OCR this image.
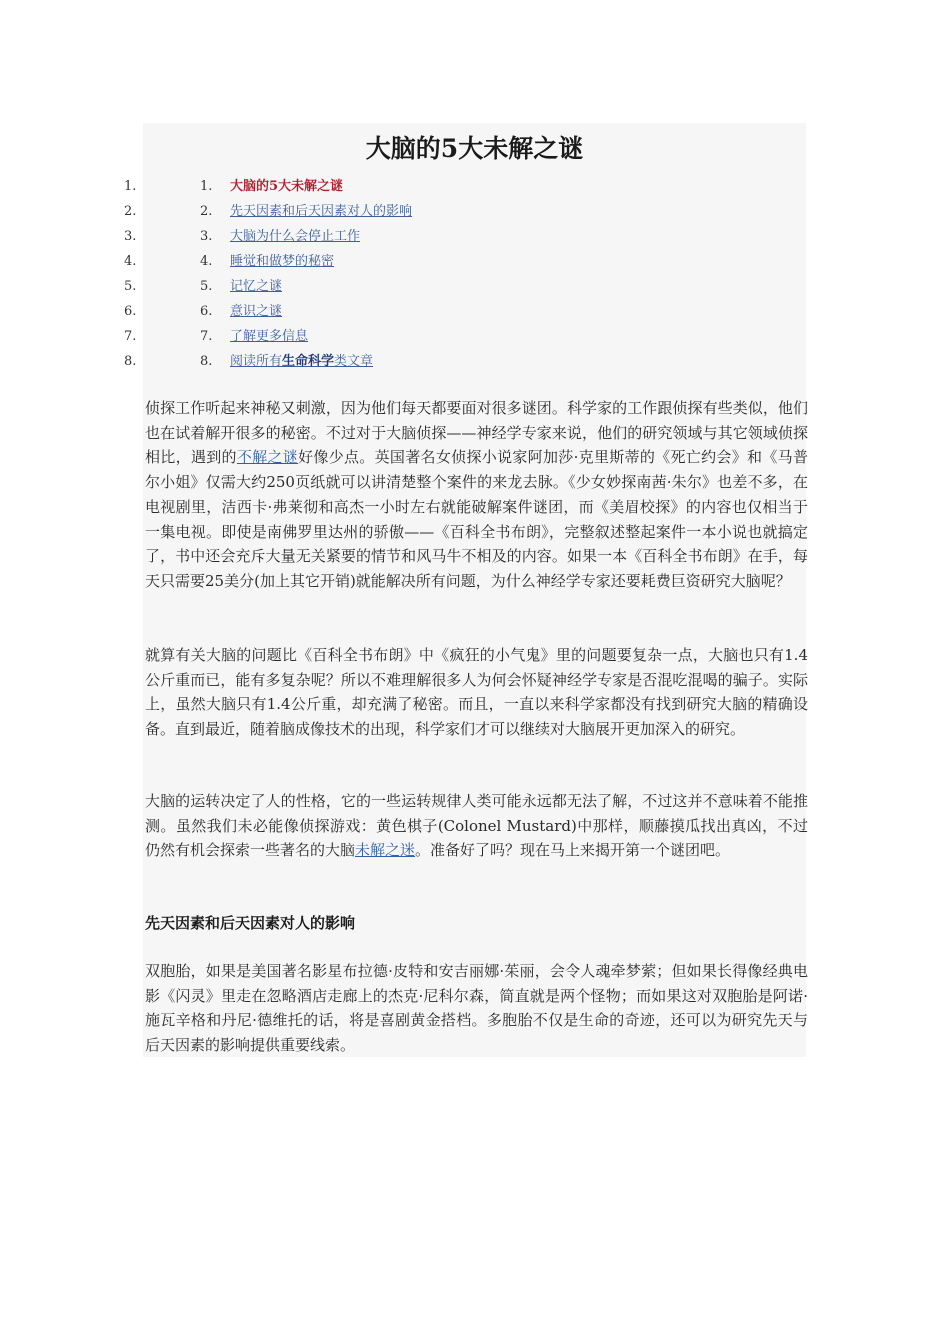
大脑的5大未解之谜
1.	1. 大脑的5大未解之谜
2.	2. 先天因素和后天因素对人的影响
3.	3. 大脑为什么会停止工作
4.	4. 睡觉和做梦的秘密
5.	5. 记忆之谜
6.	6. 意识之谜
7.	7. 了解更多信息
8.	8. 阅读所有生命科学类文章

侦探工作听起来神秘又刺激，因为他们每天都要面对很多谜团。科学家的工作跟侦探有些类似，他们也在试着解开很多的秘密。不过对于大脑侦探——神经学专家来说，他们的研究领域与其它领域侦探相比，遇到的不解之谜好像少点。英国著名女侦探小说家阿加莎·克里斯蒂的《死亡约会》和《马普尔小姐》仅需大约250页纸就可以讲清楚整个案件的来龙去脉。《少女妙探南茜·朱尔》也差不多，在电视剧里，洁西卡·弗莱彻和高杰一小时左右就能破解案件谜团，而《美眉校探》的内容也仅相当于一集电视。即使是南佛罗里达州的骄傲——《百科全书布朗》，完整叙述整起案件一本小说也就搞定了，书中还会充斥大量无关紧要的情节和风马牛不相及的内容。如果一本《百科全书布朗》在手，每天只需要25美分(加上其它开销)就能解决所有问题，为什么神经学专家还要耗费巨资研究大脑呢？

就算有关大脑的问题比《百科全书布朗》中《疯狂的小气鬼》里的问题要复杂一点，大脑也只有1.4公斤重而已，能有多复杂呢？所以不难理解很多人为何会怀疑神经学专家是否混吃混喝的骗子。实际上，虽然大脑只有1.4公斤重，却充满了秘密。而且，一直以来科学家都没有找到研究大脑的精确设备。直到最近，随着脑成像技术的出现，科学家们才可以继续对大脑展开更加深入的研究。

大脑的运转决定了人的性格，它的一些运转规律人类可能永远都无法了解，不过这并不意味着不能推测。虽然我们未必能像侦探游戏：黄色棋子(Colonel Mustard)中那样，顺藤摸瓜找出真凶，不过仍然有机会探索一些著名的大脑未解之迷。准备好了吗？现在马上来揭开第一个谜团吧。

先天因素和后天因素对人的影响

双胞胎，如果是美国著名影星布拉德·皮特和安吉丽娜·茱丽，会令人魂牵梦萦；但如果长得像经典电影《闪灵》里走在忽略酒店走廊上的杰克·尼科尔森，简直就是两个怪物；而如果这对双胞胎是阿诺·施瓦辛格和丹尼·德维托的话，将是喜剧黄金搭档。多胞胎不仅是生命的奇迹，还可以为研究先天与后天因素的影响提供重要线索。
